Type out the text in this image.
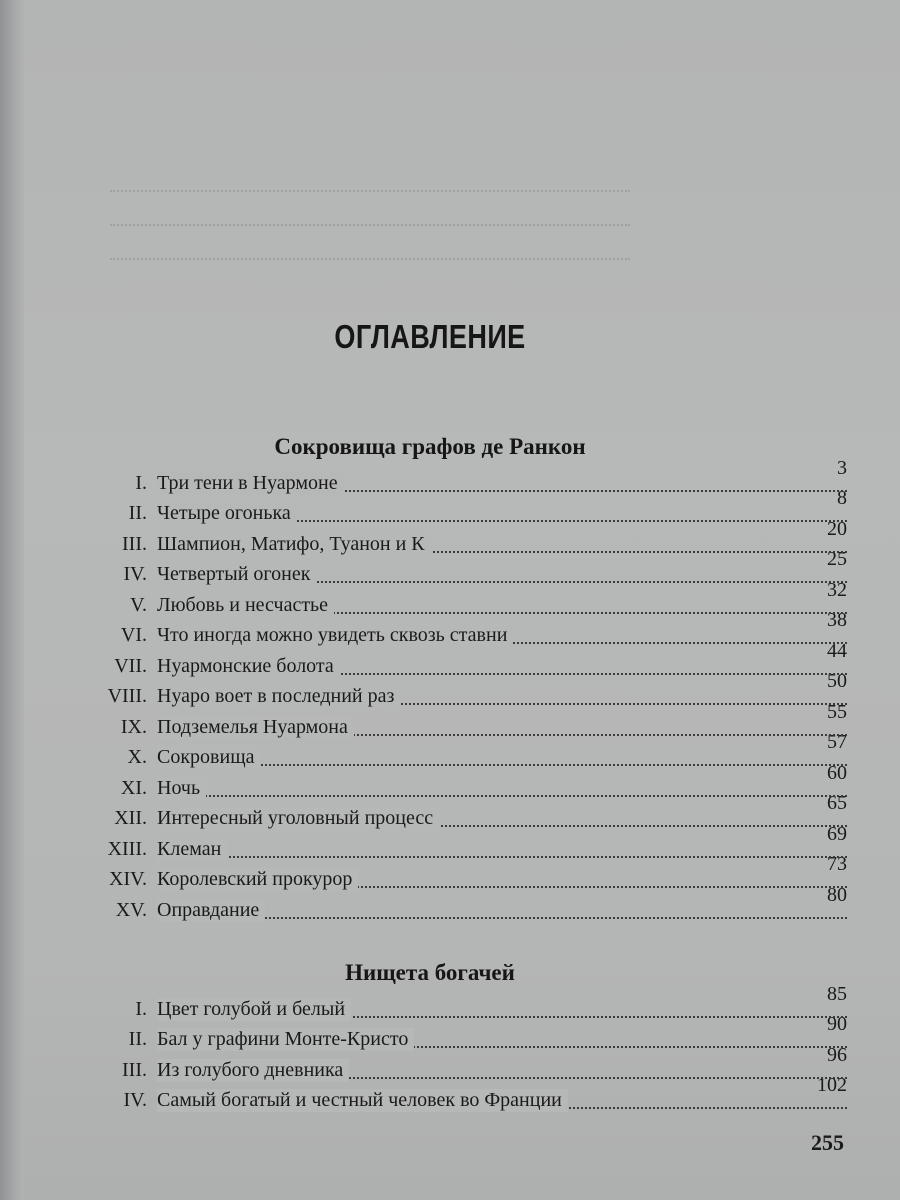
ОГЛАВЛЕНИЕ
Сокровища графов де Ранкон
I. Три тени в Нуармоне
3
II. Четыре огонька
8
III. Шампион, Матифо, Туанон и К
20
IV. Четвертый огонек
25
V. Любовь и несчастье
32
VI. Что иногда можно увидеть сквозь ставни
38
VII. Нуармонские болота
44
VIII. Нуаро воет в последний раз
50
IX. Подземелья Нуармона
55
X. Сокровища
57
XI. Ночь
60
XII. Интересный уголовный процесс
65
XIII. Клеман
69
XIV. Королевский прокурор
73
XV. Оправдание
80
Нищета богачей
I. Цвет голубой и белый
85
II. Бал у графини Монте-Кристо
90
III. Из голубого дневника
96
IV. Самый богатый и честный человек во Франции
102
255
